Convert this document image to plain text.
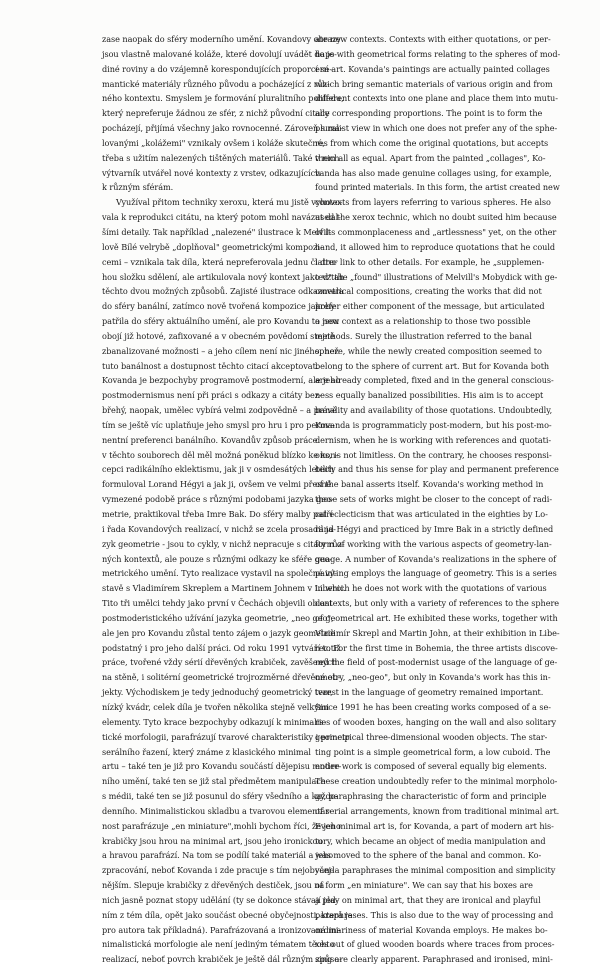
zase naopak do sféry moderního umění. Kovandovy obrazy
jsou vlastně malované koláže, které dovolují uvádět do je-
diné roviny a do vzájemně korespondujících proporcí sé-
mantické materiály různého původu a pocházející z růz-
ného kontextu. Smyslem je formování pluralitního pohledu,
který nepreferuje žádnou ze sfér, z nichž původní citace
pocházejí, přijímá všechny jako rovnocenné. Zároveň s ma-
lovanými „kolážemi" vznikaly ovšem i koláže skutečné,
třeba s užitím nalezených tištěných materiálů. Také v nich
výtvarník utvářel nové kontexty z vrstev, odkazujících
k různým sférám.
Využíval přitom techniky xeroxu, která mu jistě vyhovo-
vala k reprodukci citátu, na který potom mohl navázat dal-
šími detaily. Tak například „nalezené" ilustrace k Melvil-
lově Bílé velrybě „doplňoval" geometrickými kompozi-
cemi – vznikala tak díla, která nepreferovala jednu či dru-
hou složku sdělení, ale artikulovala nový kontext jako vztah
těchto dvou možných způsobů. Zajisté ilustrace odkazovala
do sféry banální, zatímco nově tvořená kompozice jakoby
patřila do sféry aktuálního umění, ale pro Kovandu to jsou
obojí již hotové, zafixované a v obecném povědomí stejně
zbanalizované možnosti – a jeho cílem není nic jiného, než
tuto banálnost a dostupnost těchto citací akceptovat.
Kovanda je bezpochyby programově postmoderní, ale jeho
postmodernismus není při práci s odkazy a citáty bez-
břehý, naopak, umělec vybírá velmi zodpovědně – a právě
tím se ještě víc uplatňuje jeho smysl pro hru i pro perma-
nentní preferenci banálního. Kovandův způsob práce
v těchto souborech děl měl možná poněkud blízko ke kon-
cepci radikálního eklektismu, jak ji v osmdesátých letech
formuloval Lorand Hégyi a jak ji, ovšem ve velmi přesně
vymezené podobě práce s různými podobami jazyka geo-
metrie, praktikoval třeba Imre Bak. Do sféry malby patří
i řada Kovandových realizací, v nichž se zcela prosadil ja-
zyk geometrie - jsou to cykly, v nichž nepracuje s citáty růz-
ných kontextů, ale pouze s různými odkazy ke sféře geo-
metrického umění. Tyto realizace vystavil na společné vý-
stavě s Vladimírem Skreplem a Martinem Johnem v Liberci.
Tito tři umělci tehdy jako první v Čechách objevili oblast
postmoderistického užívání jazyka geometrie, „neo geo",
ale jen pro Kovandu zůstal tento zájem o jazyk geometrie
podstatný i pro jeho další práci. Od roku 1991 vytváří totiž
práce, tvořené vždy sérií dřevěných krabiček, zavěšených
na stěně, i solitérní geometrické trojrozměrné dřevěné ob-
jekty. Východiskem je tedy jednoduchý geometrický tvar,
nízký kvádr, celek díla je tvořen několika stejně velkými
elementy. Tyto krace bezpochyby odkazují k minimalis-
tické morfologii, parafrázují tvarové charakteristiky i princip
serálního řazení, který známe z klasického minimal
artu – také ten je již pro Kovandu součástí dějepisu moder-
ního umění, také ten se již stal předmětem manipulace
s médii, také ten se již posunul do sféry všedního a každo-
denního. Minimalistickou skladbu a tvarovou elementár-
nost parafrázuje „en miniature",mohli bychom říci, že jeho
krabičky jsou hrou na minimal art, jsou jeho ironickou
a hravou parafrází. Na tom se podílí také materiál a jeho
zpracování, neboť Kovanda i zde pracuje s tím nejobyčej-
nějším. Slepuje krabičky z dřevěných destiček, jsou na
nich jasně poznat stopy udělání (ty se dokonce stávají jed-
ním z tém díla, opět jako součást obecné obyčejnosti, která je
pro autora tak příkladná). Parafrázovaná a ironizovaná mi-
nimalistická morfologie ale není jediným tématem těchto
realizací, neboť povrch krabiček je ještě dál různým způso-
ate new contexts. Contexts with either quotations, or per-
haps with geometrical forms relating to the spheres of mod-
ern art. Kovanda's paintings are actually painted collages
which bring semantic materials of various origin and from
different contexts into one plane and place them into mutu-
ally corresponding proportions. The point is to form the
pluralist view in which one does not prefer any of the sphe-
res from which come the original quotations, but accepts
them all as equal. Apart from the painted „collages", Ko-
vanda has also made genuine collages using, for example,
found printed materials. In this form, the artist created new
contexts from layers referring to various spheres. He also
used the xerox technic, which no doubt suited him because
of its commonplaceness and „artlessness" yet, on the other
hand, it allowed him to reproduce quotations that he could
latter link to other details. For example, he „supplemen-
ted" the „found" illustrations of Melvill's Mobydick with ge-
ometrical compositions, creating the works that did not
prefer either component of the message, but articulated
a new context as a relationship to those two possible
methods. Surely the illustration referred to the banal
sphere, while the newly created composition seemed to
belong to the sphere of current art. But for Kovanda both
are already completed, fixed and in the general conscious-
ness equally banalized possibilities. His aim is to accept
banality and availability of those quotations. Undoubtedly,
Kovanda is programmaticly post-modern, but his post-mo-
dernism, when he is working with references and quotati-
ons, is not limitless. On the contrary, he chooses responsi-
bility and thus his sense for play and permanent preference
of the banal asserts itself. Kovanda's working method in
those sets of works might be closer to the concept of radi-
cal eclecticism that was articulated in the eighties by Lo-
rand Hégyi and practiced by Imre Bak in a strictly defined
form of working with the various aspects of geometry-lan-
guage. A number of Kovanda's realizations in the sphere of
painting employs the language of geometry. This is a series
in which he does not work with the quotations of various
contexts, but only with a variety of references to the sphere
of geometrical art. He exhibited these works, together with
Vladimír Skrepl and Martin John, at their exhibition in Libe-
rec. For the first time in Bohemia, the three artists discove-
red the field of post-modernist usage of the language of ge-
ometry, „neo-geo", but only in Kovanda's work has this in-
terest in the language of geometry remained important.
Since 1991 he has been creating works composed of a se-
ries of wooden boxes, hanging on the wall and also solitary
geometrical three-dimensional wooden objects. The star-
ting point is a simple geometrical form, a low cuboid. The
entire work is composed of several equally big elements.
These creation undoubtedly refer to the minimal morpholo-
gy, paraphrasing the characteristic of form and principle
of serial arrangements, known from traditional minimal art.
Even minimal art is, for Kovanda, a part of modern art his-
tory, which became an object of media manipulation and
was moved to the sphere of the banal and common. Ko-
vanda paraphrases the minimal composition and simplicity
of form „en miniature". We can say that his boxes are
a play on minimal art, that they are ironical and playful
paraphrases. This is also due to the way of processing and
ordinariness of material Kovanda employs. He makes bo-
xes out of glued wooden boards where traces from proces-
sing are clearly apparent. Paraphrased and ironised, mini-
